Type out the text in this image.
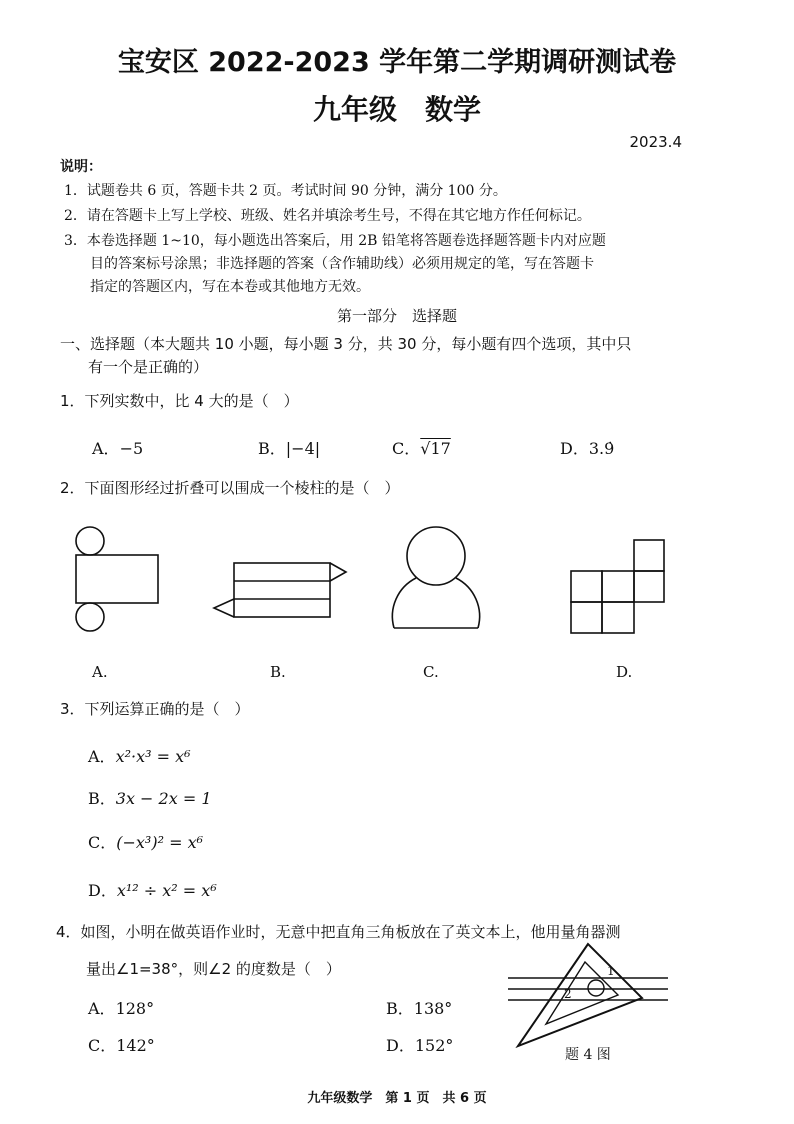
宝安区 2022-2023 学年第二学期调研测试卷
九年级　数学
2023.4
说明：
1．试题卷共 6 页，答题卡共 2 页。考试时间 90 分钟，满分 100 分。
2．请在答题卡上写上学校、班级、姓名并填涂考生号，不得在其它地方作任何标记。
3．本卷选择题 1~10，每小题选出答案后，用 2B 铅笔将答题卷选择题答题卡内对应题
目的答案标号涂黑；非选择题的答案（含作辅助线）必须用规定的笔，写在答题卡
指定的答题区内，写在本卷或其他地方无效。
第一部分　选择题
一、选择题（本大题共 10 小题，每小题 3 分，共 30 分，每小题有四个选项，其中只
有一个是正确的）
1．下列实数中，比 4 大的是（　）
A．−5	B．|−4|	C．√17	D．3.9̇
2．下面图形经过折叠可以围成一个棱柱的是（　）
A.	B.	C.	D.
3．下列运算正确的是（　）
A．x²·x³ = x⁶
B．3x − 2x = 1
C．(−x³)² = x⁶
D．x¹² ÷ x² = x⁶
4．如图，小明在做英语作业时，无意中把直角三角板放在了英文本上，他用量角器测
量出∠1=38°，则∠2 的度数是（　）
A．128°	B．138°
C．142°	D．152°
1
2
题 4 图
九年级数学　第 1 页　共 6 页
